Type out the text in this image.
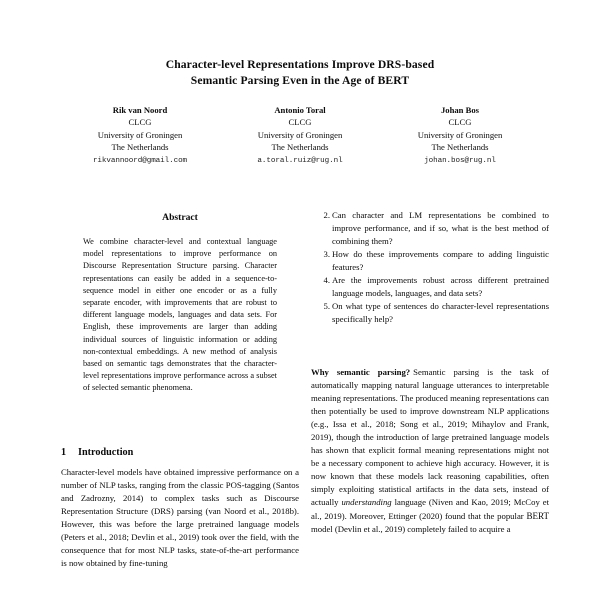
Character-level Representations Improve DRS-based
Semantic Parsing Even in the Age of BERT
Rik van Noord
CLCG
University of Groningen
The Netherlands
rikvannoord@gmail.com
Antonio Toral
CLCG
University of Groningen
The Netherlands
a.toral.ruiz@rug.nl
Johan Bos
CLCG
University of Groningen
The Netherlands
johan.bos@rug.nl
Abstract
We combine character-level and contextual language model representations to improve performance on Discourse Representation Structure parsing. Character representations can easily be added in a sequence-to-sequence model in either one encoder or as a fully separate encoder, with improvements that are robust to different language models, languages and data sets. For English, these improvements are larger than adding individual sources of linguistic information or adding non-contextual embeddings. A new method of analysis based on semantic tags demonstrates that the character-level representations improve performance across a subset of selected semantic phenomena.
1 Introduction
Character-level models have obtained impressive performance on a number of NLP tasks, ranging from the classic POS-tagging (Santos and Zadrozny, 2014) to complex tasks such as Discourse Representation Structure (DRS) parsing (van Noord et al., 2018b). However, this was before the large pretrained language models (Peters et al., 2018; Devlin et al., 2019) took over the field, with the consequence that for most NLP tasks, state-of-the-art performance is now obtained by fine-tuning
2. Can character and LM representations be combined to improve performance, and if so, what is the best method of combining them?
3. How do these improvements compare to adding linguistic features?
4. Are the improvements robust across different pretrained language models, languages, and data sets?
5. On what type of sentences do character-level representations specifically help?
Why semantic parsing? Semantic parsing is the task of automatically mapping natural language utterances to interpretable meaning representations. The produced meaning representations can then potentially be used to improve downstream NLP applications (e.g., Issa et al., 2018; Song et al., 2019; Mihaylov and Frank, 2019), though the introduction of large pretrained language models has shown that explicit formal meaning representations might not be a necessary component to achieve high accuracy. However, it is now known that these models lack reasoning capabilities, often simply exploiting statistical artifacts in the data sets, instead of actually understanding language (Niven and Kao, 2019; McCoy et al., 2019). Moreover, Ettinger (2020) found that the popular BERT model (Devlin et al., 2019) completely failed to acquire a
